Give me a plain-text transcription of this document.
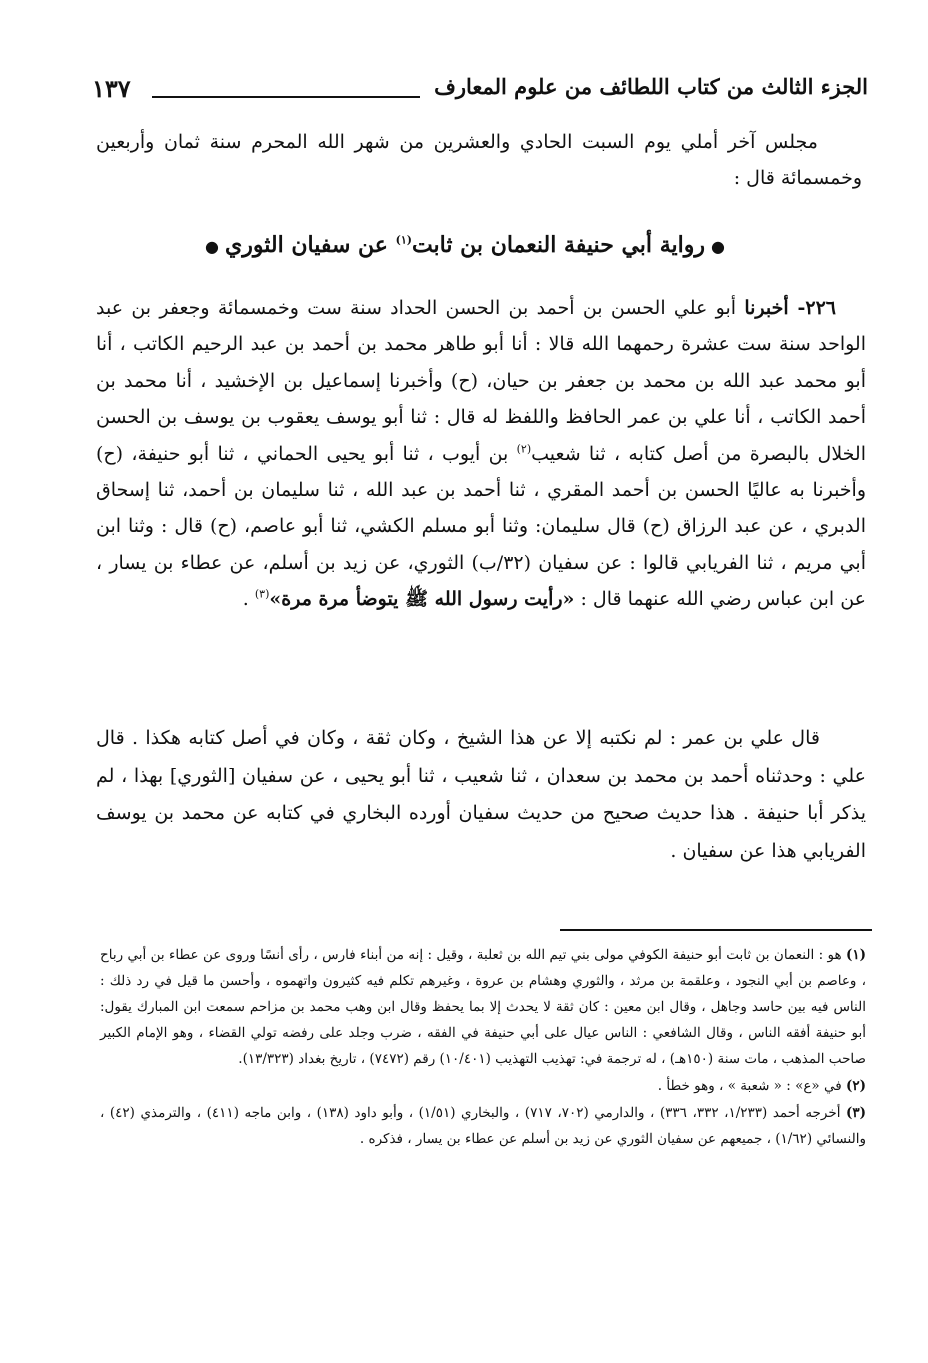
١٣٧	الجزء الثالث من كتاب اللطائف من علوم المعارف

مجلس آخر أملي يوم السبت الحادي والعشرين من شهر الله المحرم سنة ثمان وأربعين وخمسمائة قال :

●رواية أبي حنيفة النعمان بن ثابت$^{(١)}$ عن سفيان الثوري●

٢٢٦- أخبرنا أبو علي الحسن بن أحمد بن الحسن الحداد سنة ست وخمسمائة وجعفر بن عبد الواحد سنة ست عشرة رحمهما الله قالا : أنا أبو طاهر محمد بن أحمد بن عبد الرحيم الكاتب ، أنا أبو محمد عبد الله بن محمد بن جعفر بن حيان، (ح) وأخبرنا إسماعيل بن الإخشيد ، أنا محمد بن أحمد الكاتب ، أنا علي بن عمر الحافظ واللفظ له قال : ثنا أبو يوسف يعقوب بن يوسف بن الحسن الخلال بالبصرة من أصل كتابه ، ثنا شعيب$^{(٢)}$ بن أيوب ، ثنا أبو يحيى الحماني ، ثنا أبو حنيفة، (ح) وأخبرنا به عاليًا الحسن بن أحمد المقري ، ثنا أحمد بن عبد الله ، ثنا سليمان بن أحمد، ثنا إسحاق الدبري ، عن عبد الرزاق (ح) قال سليمان: وثنا أبو مسلم الكشي، ثنا أبو عاصم، (ح) قال : وثنا ابن أبي مريم ، ثنا الفريابي قالوا : عن سفيان (٣٢/ب) الثوري، عن زيد بن أسلم، عن عطاء بن يسار ، عن ابن عباس رضي الله عنهما قال : «رأيت رسول الله ﷺ يتوضأ مرة مرة»$^{(٣)}$ .

قال علي بن عمر : لم نكتبه إلا عن هذا الشيخ ، وكان ثقة ، وكان في أصل كتابه هكذا . قال علي : وحدثناه أحمد بن محمد بن سعدان ، ثنا شعيب ، ثنا أبو يحيى ، عن سفيان [الثوري] بهذا ، لم يذكر أبا حنيفة . هذا حديث صحيح من حديث سفيان أورده البخاري في كتابه عن محمد بن يوسف الفريابي هذا عن سفيان .

(١) هو : النعمان بن ثابت أبو حنيفة الكوفي مولى بني تيم الله بن ثعلبة ، وقيل : إنه من أبناء فارس ، رأى أنسًا وروى عن عطاء بن أبي رباح ، وعاصم بن أبي النجود ، وعلقمة بن مرثد ، والثوري وهشام بن عروة ، وغيرهم تكلم فيه كثيرون واتهموه ، وأحسن ما قيل في رد ذلك : الناس فيه بين حاسد وجاهل ، وقال ابن معين : كان ثقة لا يحدث إلا بما يحفظ وقال ابن وهب محمد بن مزاحم سمعت ابن المبارك يقول: أبو حنيفة أفقه الناس ، وقال الشافعي : الناس عيال على أبي حنيفة في الفقه ، ضرب وجلد على رفضه تولي القضاء ، وهو الإمام الكبير صاحب المذهب ، مات سنة (١٥٠هـ) ، له ترجمة في: تهذيب التهذيب (١٠/٤٠١) رقم (٧٤٧٢) ، تاريخ بغداد (١٣/٣٢٣).

(٢) في «ع» : « شعبة » ، وهو خطأ .

(٣) أخرجه أحمد (١/٢٣٣، ٣٣٢، ٣٣٦) ، والدارمي (٧٠٢، ٧١٧) ، والبخاري (١/٥١) ، وأبو داود (١٣٨) ، وابن ماجه (٤١١) ، والترمذي (٤٢) ، والنسائي (١/٦٢) ، جميعهم عن سفيان الثوري عن زيد بن أسلم عن عطاء بن يسار ، فذكره .
